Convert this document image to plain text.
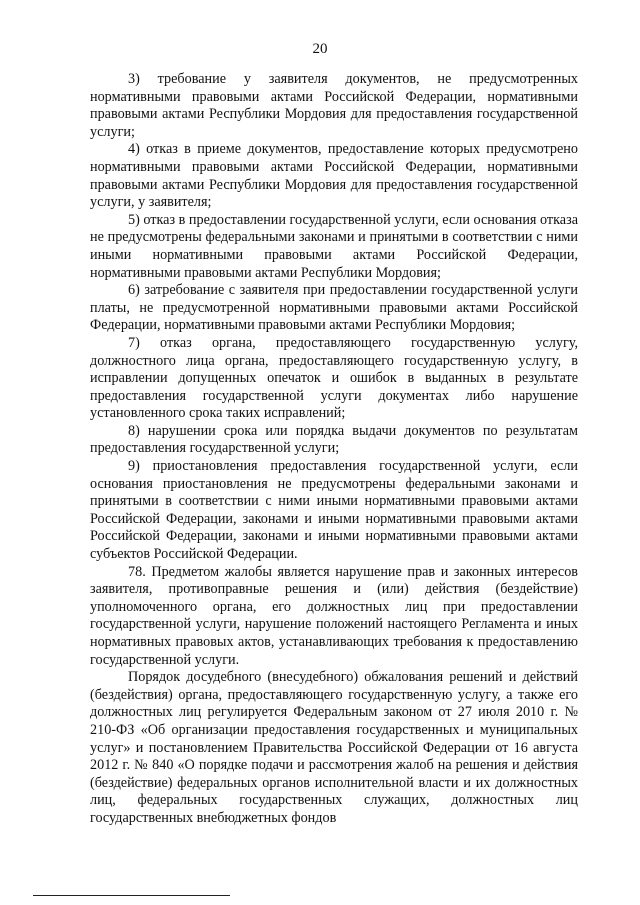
20

3) требование у заявителя документов, не предусмотренных нормативными правовыми актами Российской Федерации, нормативными правовыми актами Республики Мордовия для предоставления государственной услуги;

4) отказ в приеме документов, предоставление которых предусмотрено нормативными правовыми актами Российской Федерации, нормативными правовыми актами Республики Мордовия для предоставления государственной услуги, у заявителя;

5) отказ в предоставлении государственной услуги, если основания отказа не предусмотрены федеральными законами и принятыми в соответствии с ними иными нормативными правовыми актами Российской Федерации, нормативными правовыми актами Республики Мордовия;

6) затребование с заявителя при предоставлении государственной услуги платы, не предусмотренной нормативными правовыми актами Российской Федерации, нормативными правовыми актами Республики Мордовия;

7) отказ органа, предоставляющего государственную услугу, должностного лица органа, предоставляющего государственную услугу, в исправлении допущенных опечаток и ошибок в выданных в результате предоставления государственной услуги документах либо нарушение установленного срока таких исправлений;

8) нарушении срока или порядка выдачи документов по результатам предоставления государственной услуги;

9) приостановления предоставления государственной услуги, если основания приостановления не предусмотрены федеральными законами и принятыми в соответствии с ними иными нормативными правовыми актами Российской Федерации, законами и иными нормативными правовыми актами Российской Федерации, законами и иными нормативными правовыми актами субъектов Российской Федерации.

78. Предметом жалобы является нарушение прав и законных интересов заявителя, противоправные решения и (или) действия (бездействие) уполномоченного органа, его должностных лиц при предоставлении государственной услуги, нарушение положений настоящего Регламента и иных нормативных правовых актов, устанавливающих требования к предоставлению государственной услуги.

Порядок досудебного (внесудебного) обжалования решений и действий (бездействия) органа, предоставляющего государственную услугу, а также его должностных лиц регулируется Федеральным законом от 27 июля 2010 г. № 210-ФЗ «Об организации предоставления государственных и муниципальных услуг» и постановлением Правительства Российской Федерации от 16 августа 2012 г. № 840 «О порядке подачи и рассмотрения жалоб на решения и действия (бездействие) федеральных органов исполнительной власти и их должностных лиц, федеральных государственных служащих, должностных лиц государственных внебюджетных фондов
